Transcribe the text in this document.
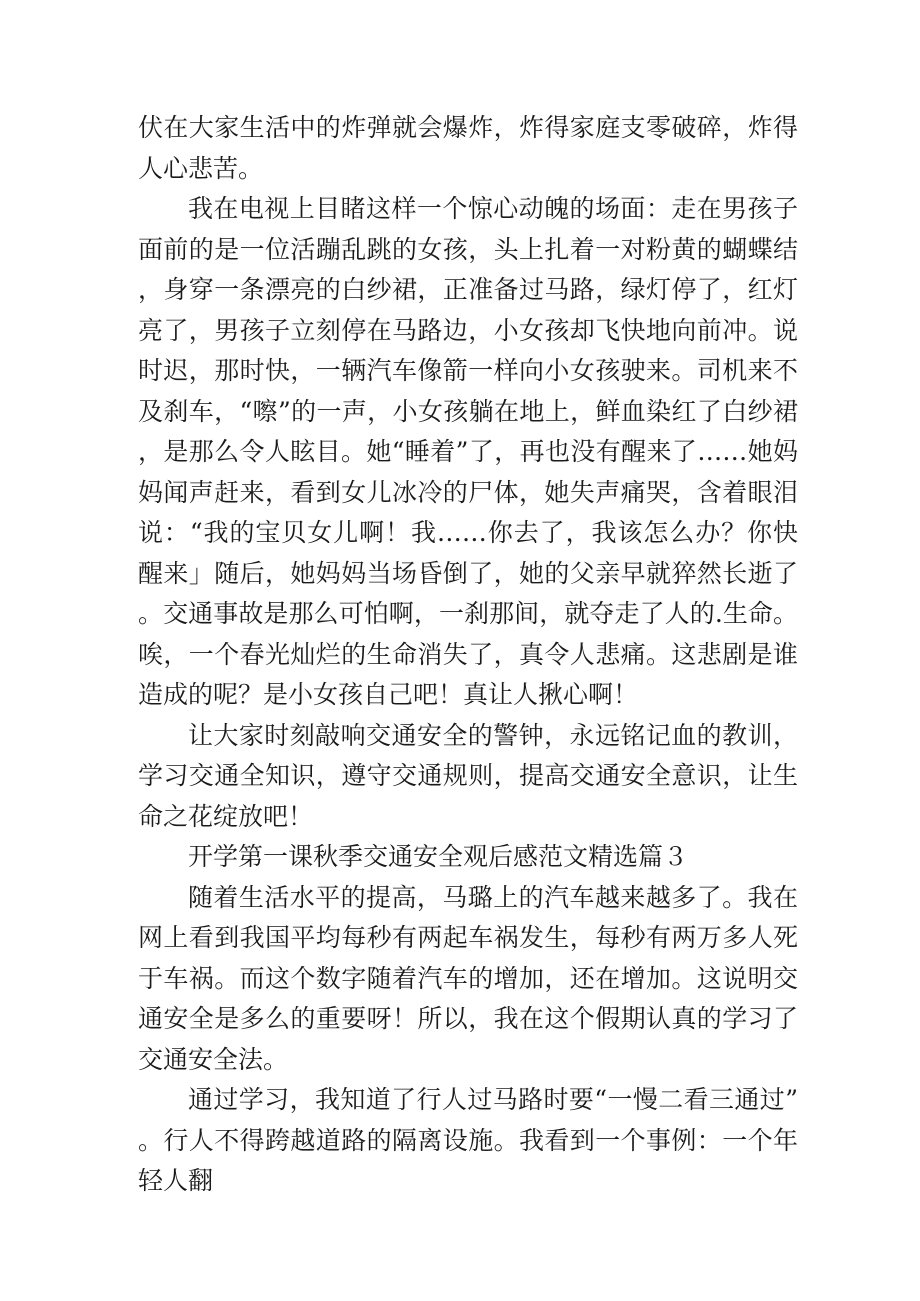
伏在大家生活中的炸弹就会爆炸，炸得家庭支零破碎，炸得人心悲苦。

我在电视上目睹这样一个惊心动魄的场面：走在男孩子面前的是一位活蹦乱跳的女孩，头上扎着一对粉黄的蝴蝶结，身穿一条漂亮的白纱裙，正准备过马路，绿灯停了，红灯亮了，男孩子立刻停在马路边，小女孩却飞快地向前冲。说时迟，那时快，一辆汽车像箭一样向小女孩驶来。司机来不及刹车，“嚓”的一声，小女孩躺在地上，鲜血染红了白纱裙，是那么令人眩目。她“睡着”了，再也没有醒来了……她妈妈闻声赶来，看到女儿冰冷的尸体，她失声痛哭，含着眼泪说：“我的宝贝女儿啊！我……你去了，我该怎么办？你快醒来」随后，她妈妈当场昏倒了，她的父亲早就猝然长逝了。交通事故是那么可怕啊，一刹那间，就夺走了人的.生命。唉，一个春光灿烂的生命消失了，真令人悲痛。这悲剧是谁造成的呢？是小女孩自己吧！真让人揪心啊！

让大家时刻敲响交通安全的警钟，永远铭记血的教训，学习交通全知识，遵守交通规则，提高交通安全意识，让生命之花绽放吧！

开学第一课秋季交通安全观后感范文精选篇３

随着生活水平的提高，马璐上的汽车越来越多了。我在网上看到我国平均每秒有两起车祸发生，每秒有两万多人死于车祸。而这个数字随着汽车的增加，还在增加。这说明交通安全是多么的重要呀！所以，我在这个假期认真的学习了交通安全法。

通过学习，我知道了行人过马路时要“一慢二看三通过”。行人不得跨越道路的隔离设施。我看到一个事例：一个年轻人翻
